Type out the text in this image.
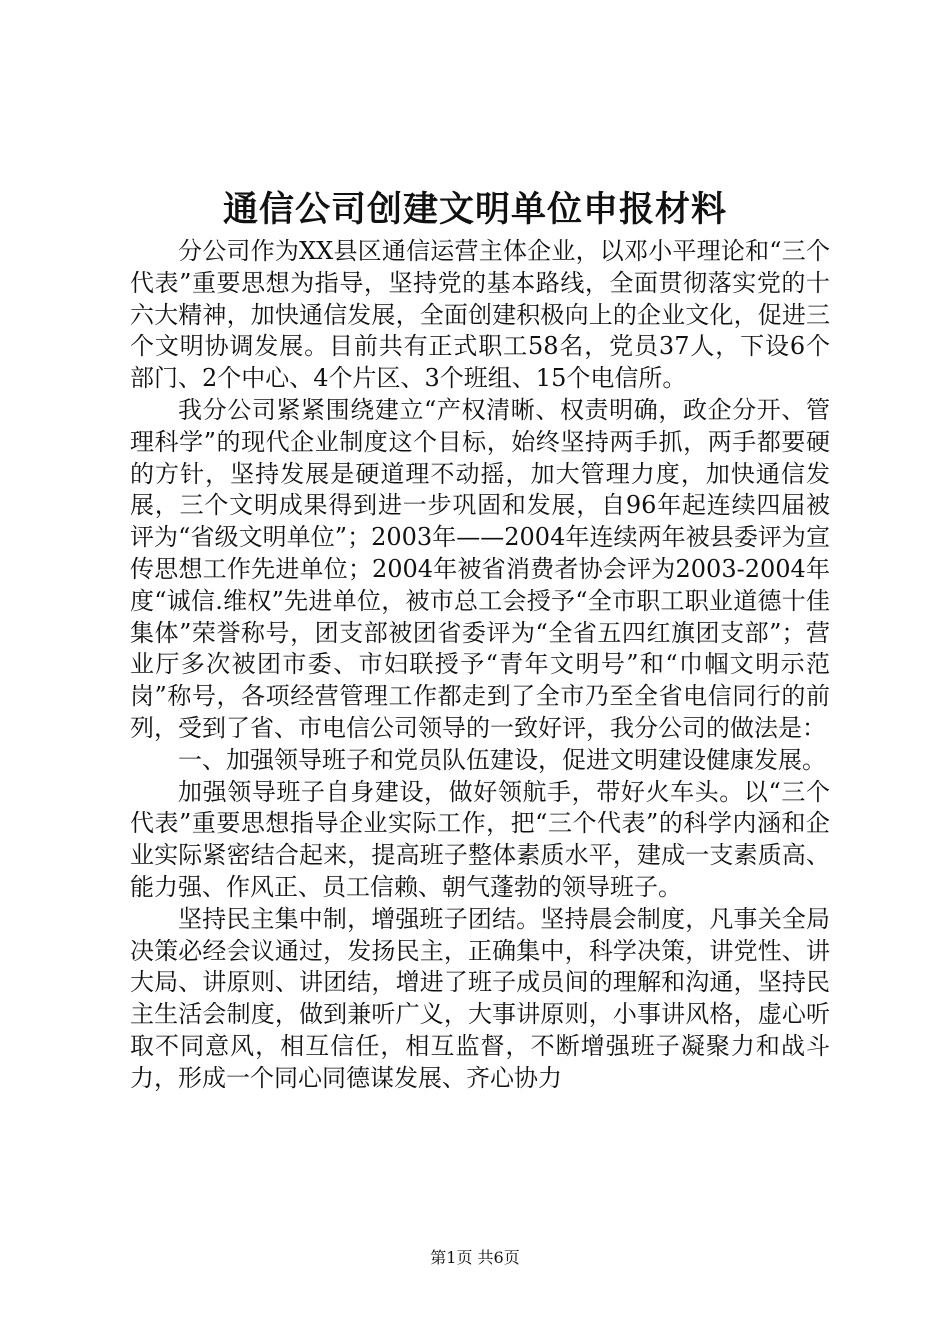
通信公司创建文明单位申报材料

分公司作为XX县区通信运营主体企业，以邓小平理论和“三个代表”重要思想为指导，坚持党的基本路线，全面贯彻落实党的十六大精神，加快通信发展，全面创建积极向上的企业文化，促进三个文明协调发展。目前共有正式职工58名，党员37人，下设6个部门、2个中心、4个片区、3个班组、15个电信所。

我分公司紧紧围绕建立“产权清晰、权责明确，政企分开、管理科学”的现代企业制度这个目标，始终坚持两手抓，两手都要硬的方针，坚持发展是硬道理不动摇，加大管理力度，加快通信发展，三个文明成果得到进一步巩固和发展，自96年起连续四届被评为“省级文明单位”；2003年——2004年连续两年被县委评为宣传思想工作先进单位；2004年被省消费者协会评为2003-2004年度“诚信.维权”先进单位，被市总工会授予“全市职工职业道德十佳集体”荣誉称号，团支部被团省委评为“全省五四红旗团支部”；营业厅多次被团市委、市妇联授予“青年文明号”和“巾帼文明示范岗”称号，各项经营管理工作都走到了全市乃至全省电信同行的前列，受到了省、市电信公司领导的一致好评，我分公司的做法是：

一、加强领导班子和党员队伍建设，促进文明建设健康发展。

加强领导班子自身建设，做好领航手，带好火车头。以“三个代表”重要思想指导企业实际工作，把“三个代表”的科学内涵和企业实际紧密结合起来，提高班子整体素质水平，建成一支素质高、能力强、作风正、员工信赖、朝气蓬勃的领导班子。

坚持民主集中制，增强班子团结。坚持晨会制度，凡事关全局决策必经会议通过，发扬民主，正确集中，科学决策，讲党性、讲大局、讲原则、讲团结，增进了班子成员间的理解和沟通，坚持民主生活会制度，做到兼听广义，大事讲原则，小事讲风格，虚心听取不同意风，相互信任，相互监督，不断增强班子凝聚力和战斗力，形成一个同心同德谋发展、齐心协力

第1页 共6页
